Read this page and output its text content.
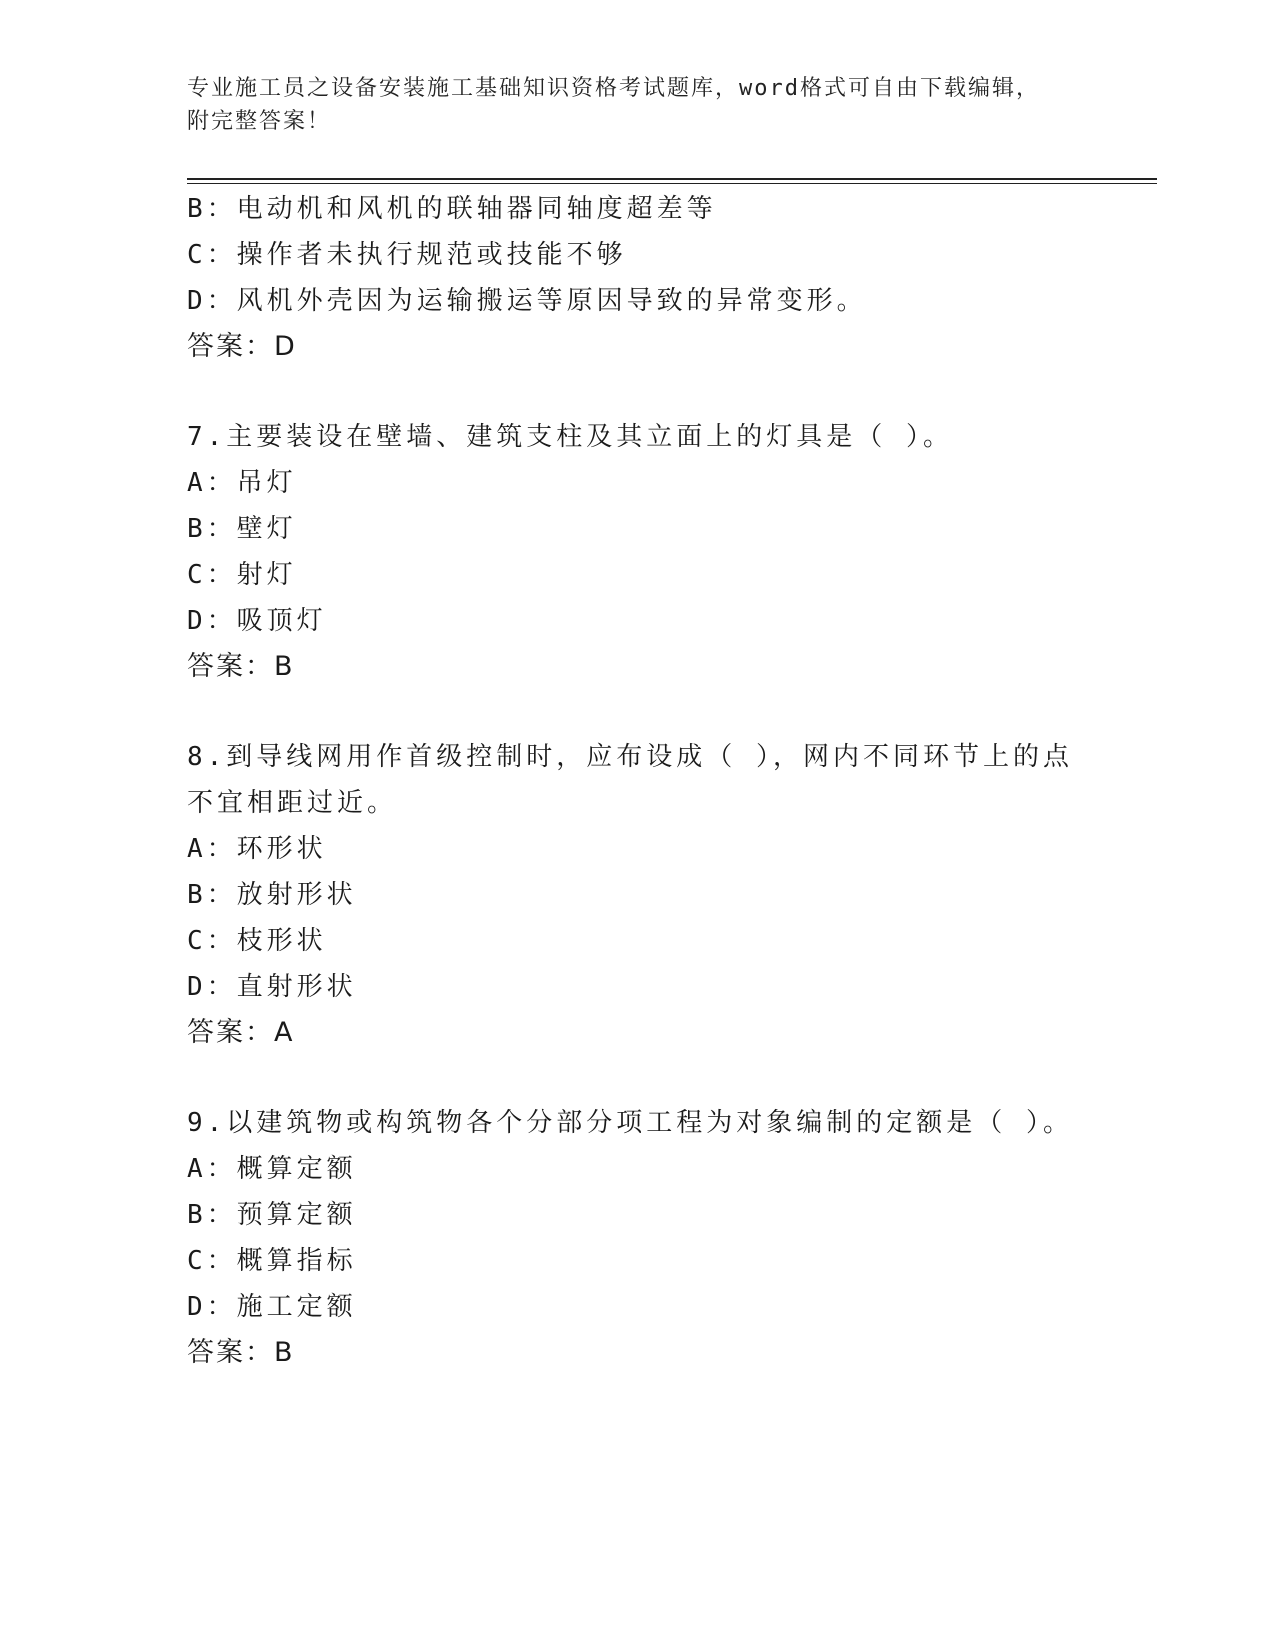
专业施工员之设备安装施工基础知识资格考试题库，word格式可自由下载编辑，
附完整答案！
B：电动机和风机的联轴器同轴度超差等
C：操作者未执行规范或技能不够
D：风机外壳因为运输搬运等原因导致的异常变形。
答案：D
7.主要装设在壁墙、建筑支柱及其立面上的灯具是（ ）。
A：吊灯
B：壁灯
C：射灯
D：吸顶灯
答案：B
8.到导线网用作首级控制时，应布设成（ ），网内不同环节上的点不宜相距过近。
A：环形状
B：放射形状
C：枝形状
D：直射形状
答案：A
9.以建筑物或构筑物各个分部分项工程为对象编制的定额是（ ）。
A：概算定额
B：预算定额
C：概算指标
D：施工定额
答案：B
